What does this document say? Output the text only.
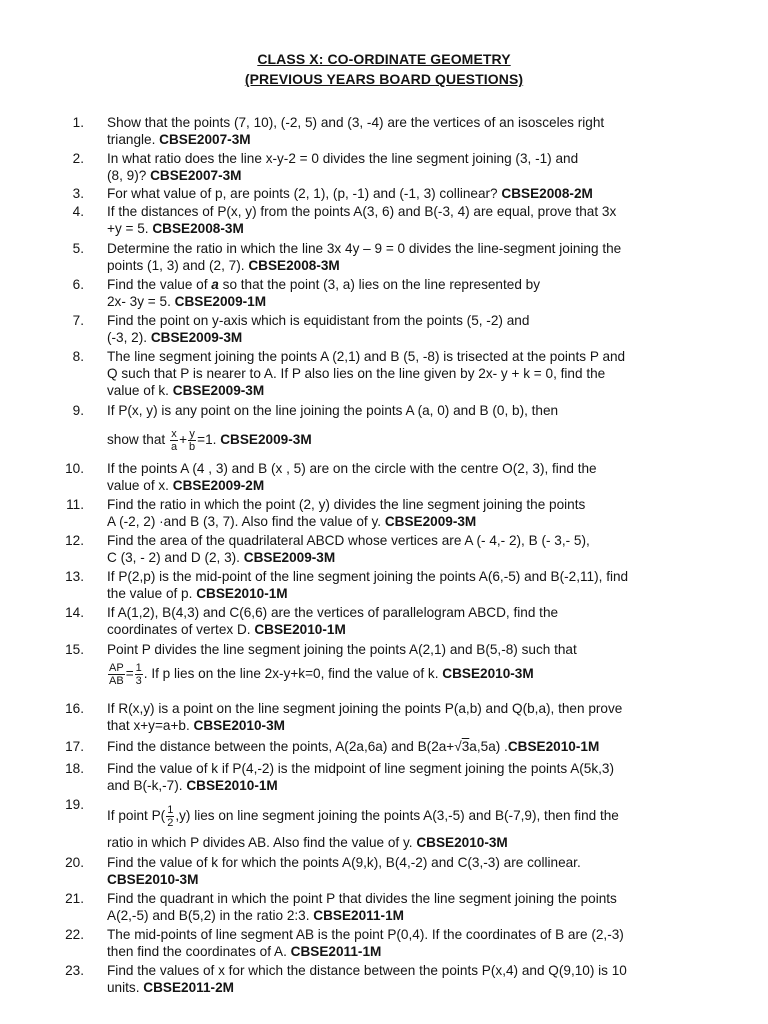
CLASS X: CO-ORDINATE GEOMETRY
(PREVIOUS YEARS BOARD QUESTIONS)
1. Show that the points (7, 10), (-2, 5) and (3, -4) are the vertices of an isosceles right
triangle. CBSE2007-3M
2. In what ratio does the line x-y-2 = 0 divides the line segment joining (3, -1) and
(8, 9)? CBSE2007-3M
3. For what value of p, are points (2, 1), (p, -1) and (-1, 3) collinear? CBSE2008-2M
4. If the distances of P(x, y) from the points A(3, 6) and B(-3, 4) are equal, prove that 3x
+y = 5. CBSE2008-3M
5. Determine the ratio in which the line 3x 4y – 9 = 0 divides the line-segment joining the
points (1, 3) and (2, 7). CBSE2008-3M
6. Find the value of a so that the point (3, a) lies on the line represented by
2x- 3y = 5. CBSE2009-1M
7. Find the point on y-axis which is equidistant from the points (5, -2) and
(-3, 2). CBSE2009-3M
8. The line segment joining the points A (2,1) and B (5, -8) is trisected at the points P and
Q such that P is nearer to A. If P also lies on the line given by 2x- y + k = 0, find the
value of k. CBSE2009-3M
9. If P(x, y) is any point on the line joining the points A (a, 0) and B (0, b), then
show that $\frac{x}{a} + \frac{y}{b} =1$. CBSE2009-3M
10. If the points A (4 , 3) and B (x , 5) are on the circle with the centre O(2, 3), find the
value of x. CBSE2009-2M
11. Find the ratio in which the point (2, y) divides the line segment joining the points
A (-2, 2) ·and B (3, 7). Also find the value of y. CBSE2009-3M
12. Find the area of the quadrilateral ABCD whose vertices are A (- 4,- 2), B (- 3,- 5),
C (3, - 2) and D (2, 3). CBSE2009-3M
13. If P(2,p) is the mid-point of the line segment joining the points A(6,-5) and B(-2,11), find
the value of p. CBSE2010-1M
14. If A(1,2), B(4,3) and C(6,6) are the vertices of parallelogram ABCD, find the
coordinates of vertex D. CBSE2010-1M
15. Point P divides the line segment joining the points A(2,1) and B(5,-8) such that
$\frac{AP}{AB} = \frac{1}{3}$ . If p lies on the line 2x-y+k=0, find the value of k. CBSE2010-3M
16. If R(x,y) is a point on the line segment joining the points P(a,b) and Q(b,a), then prove
that x+y=a+b. CBSE2010-3M
17. Find the distance between the points, A(2a,6a) and B(2a+√3a,5a) .CBSE2010-1M
18. Find the value of k if P(4,-2) is the midpoint of line segment joining the points A(5k,3)
and B(-k,-7). CBSE2010-1M
19.
If point $P( \frac{1}{2} ,y)$ lies on line segment joining the points A(3,-5) and B(-7,9), then find the
ratio in which P divides AB. Also find the value of y. CBSE2010-3M
20. Find the value of k for which the points A(9,k), B(4,-2) and C(3,-3) are collinear.
CBSE2010-3M
21. Find the quadrant in which the point P that divides the line segment joining the points
A(2,-5) and B(5,2) in the ratio 2:3. CBSE2011-1M
22. The mid-points of line segment AB is the point P(0,4). If the coordinates of B are (2,-3)
then find the coordinates of A. CBSE2011-1M
23. Find the values of x for which the distance between the points P(x,4) and Q(9,10) is 10
units. CBSE2011-2M
